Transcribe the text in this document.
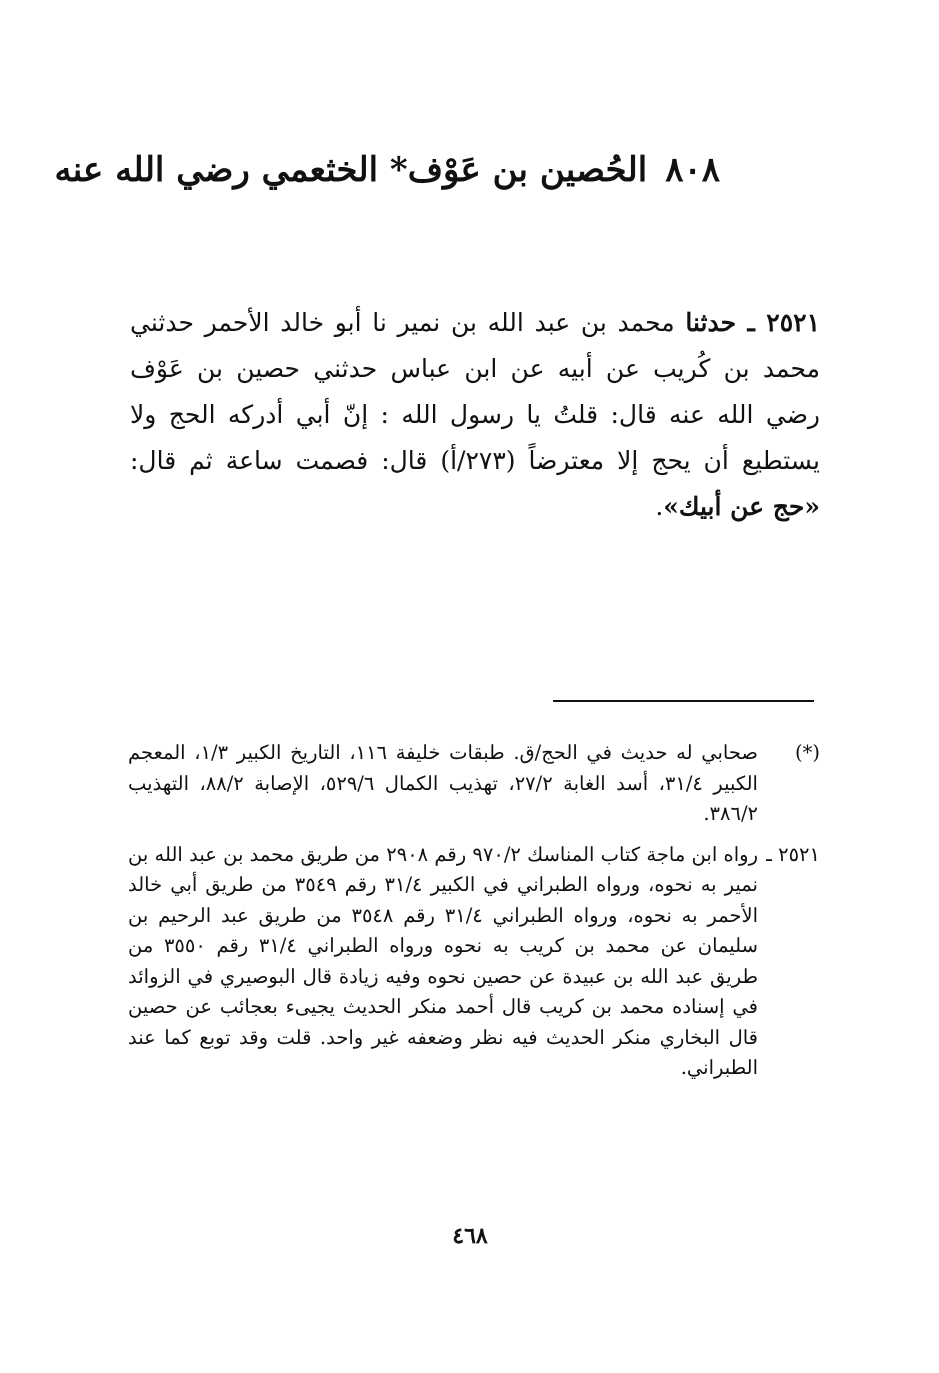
٨٠٨الحُصين بن عَوْف* الخثعمي رضي الله عنه
٢٥٢١ ـ حدثنا محمد بن عبد الله بن نمير نا أبو خالد الأحمر حدثني محمد بن كُريب عن أبيه عن ابن عباس حدثني حصين بن عَوْف رضي الله عنه قال: قلتُ يا رسول الله : إنّ أبي أدركه الحج ولا يستطيع أن يحج إلا معترضاً (٢٧٣/أ) قال: فصمت ساعة ثم قال: «حج عن أبيك».
(*)
صحابي له حديث في الحج/ق. طبقات خليفة ١١٦، التاريخ الكبير ١/٣، المعجم الكبير ٣١/٤، أسد الغابة ٢٧/٢، تهذيب الكمال ٥٢٩/٦، الإصابة ٨٨/٢، التهذيب ٣٨٦/٢.
٢٥٢١ ـ
رواه ابن ماجة كتاب المناسك ٩٧٠/٢ رقم ٢٩٠٨ من طريق محمد بن عبد الله بن نمير به نحوه، ورواه الطبراني في الكبير ٣١/٤ رقم ٣٥٤٩ من طريق أبي خالد الأحمر به نحوه، ورواه الطبراني ٣١/٤ رقم ٣٥٤٨ من طريق عبد الرحيم بن سليمان عن محمد بن كريب به نحوه ورواه الطبراني ٣١/٤ رقم ٣٥٥٠ من طريق عبد الله بن عبيدة عن حصين نحوه وفيه زيادة قال البوصيري في الزوائد في إسناده محمد بن كريب قال أحمد منكر الحديث يجيىء بعجائب عن حصين قال البخاري منكر الحديث فيه نظر وضعفه غير واحد. قلت وقد توبع كما عند الطبراني.
٤٦٨
